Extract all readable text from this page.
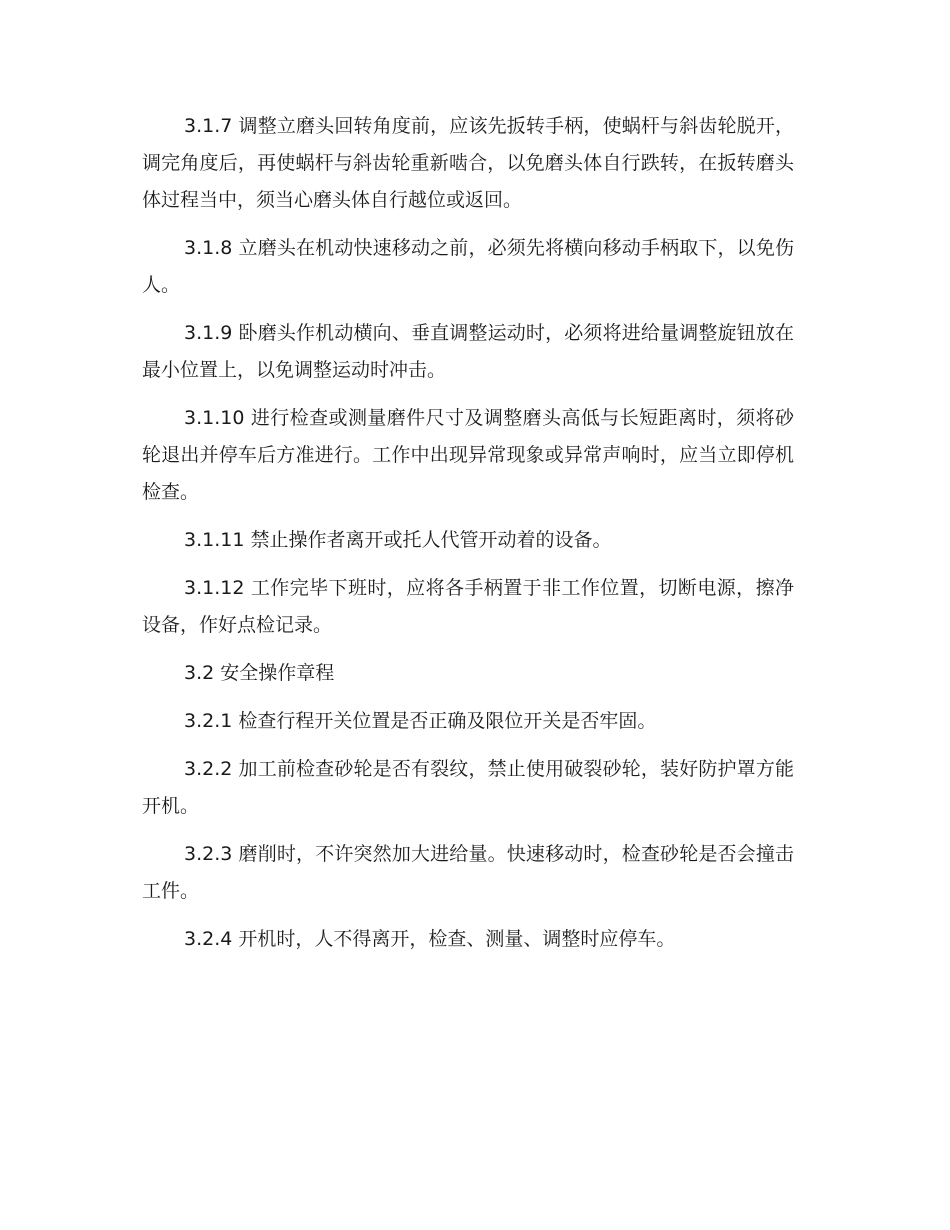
3.1.7 调整立磨头回转角度前，应该先扳转手柄，使蜗杆与斜齿轮脱开，调完角度后，再使蜗杆与斜齿轮重新啮合，以免磨头体自行跌转，在扳转磨头体过程当中，须当心磨头体自行越位或返回。

3.1.8 立磨头在机动快速移动之前，必须先将横向移动手柄取下，以免伤人。

3.1.9 卧磨头作机动横向、垂直调整运动时，必须将进给量调整旋钮放在最小位置上，以免调整运动时冲击。

3.1.10 进行检查或测量磨件尺寸及调整磨头高低与长短距离时，须将砂轮退出并停车后方准进行。工作中出现异常现象或异常声响时，应当立即停机检查。

3.1.11 禁止操作者离开或托人代管开动着的设备。

3.1.12 工作完毕下班时，应将各手柄置于非工作位置，切断电源，擦净设备，作好点检记录。

3.2 安全操作章程

3.2.1 检查行程开关位置是否正确及限位开关是否牢固。

3.2.2 加工前检查砂轮是否有裂纹，禁止使用破裂砂轮，装好防护罩方能开机。

3.2.3 磨削时，不许突然加大进给量。快速移动时，检查砂轮是否会撞击工件。

3.2.4 开机时，人不得离开，检查、测量、调整时应停车。
